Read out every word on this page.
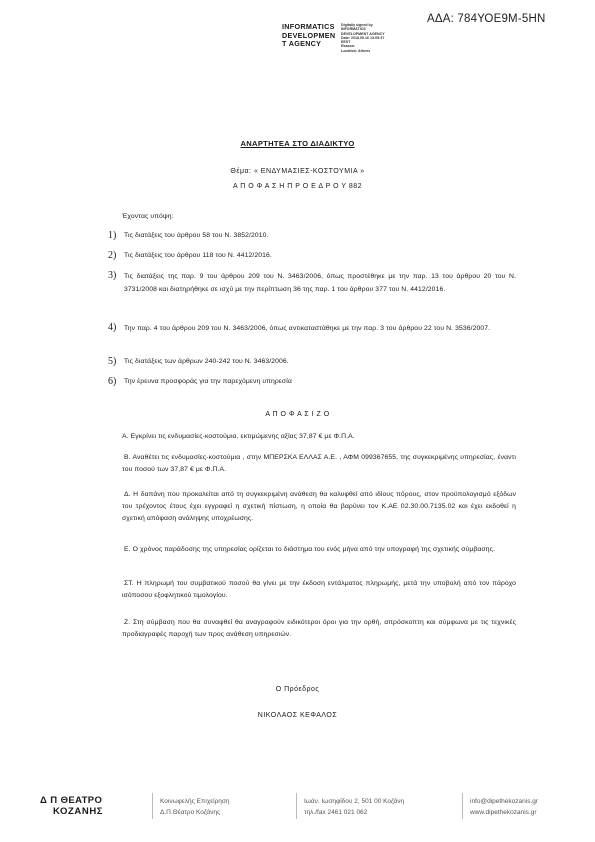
ΑΔΑ: 784ΥΟΕ9Μ-5ΗΝ
INFORMATICS
DEVELOPMEN
T AGENCY
Digitally signed by
INFORMATICS
DEVELOPMENT AGENCY
Date: 2018.05.16 13:05:37
EEST
Reason:
Location: Athens
ΑΝΑΡΤΗΤΕΑ ΣΤΟ ΔΙΑΔΙΚΤΥΟ
Θέμα: « ΕΝΔΥΜΑΣΙΕΣ-ΚΟΣΤΟΥΜΙΑ »
Α Π Ο Φ Α Σ Η Π Ρ Ο Ε Δ Ρ Ο Υ 882
Έχοντας υπόψη:
1) Τις διατάξεις του άρθρου 58 του Ν. 3852/2010.
2) Τις διατάξεις του άρθρου 118 του Ν. 4412/2016.
3) Τις διατάξεις της παρ. 9 του άρθρου 209 του Ν. 3463/2006, όπως προστέθηκε με την παρ. 13 του άρθρου 20 του Ν. 3731/2008 και διατηρήθηκε σε ισχύ με την περίπτωση 36 της παρ. 1 του άρθρου 377 του Ν. 4412/2016.
4) Την παρ. 4 του άρθρου 209 του Ν. 3463/2006, όπως αντικαταστάθηκε με την παρ. 3 του άρθρου 22 του Ν. 3536/2007.
5) Τις διατάξεις των άρθρων 240-242 του Ν. 3463/2006.
6) Την έρευνα προσφοράς για την παρεχόμενη υπηρεσία
Α Π Ο Φ Α Σ Ι Ζ Ο
Α. Εγκρίνει τις ενδυμασίες-κοστούμια, εκτιμώμενης αξίας 37,87 € με Φ.Π.Α.
Β. Αναθέτει τις ενδυμασίες-κοστούμια , στην ΜΠΕΡΣΚΑ ΕΛΛΑΣ Α.Ε. , ΑΦΜ 099367655, της συγκεκριμένης υπηρεσίας, έναντι του ποσού των 37,87 € με Φ.Π.Α.
Δ. Η δαπάνη που προκαλείται από τη συγκεκριμένη ανάθεση θα καλυφθεί από ιδίους πόρους, στον προϋπολογισμό εξόδων του τρέχοντος έτους έχει εγγραφεί η σχετική πίστωση, η οποία θα βαρύνει τον Κ.ΑΕ 02.30.00.7135.02 και έχει εκδοθεί η σχετική απόφαση ανάληψης υποχρέωσης.
Ε. Ο χρόνος παράδοσης της υπηρεσίας ορίζεται το διάστημα του ενός μήνα από την υπογραφή της σχετικής σύμβασης.
ΣΤ. Η πληρωμή του συμβατικού ποσού θα γίνει με την έκδοση εντάλματος πληρωμής, μετά την υποβολή από τον πάροχο ισόποσου εξοφλητικού τιμολογίου.
Ζ. Στη σύμβαση που θα συναφθεί θα αναγραφούν ειδικότεροι όροι για την ορθή, απρόσκοπτη και σύμφωνα με τις τεχνικές προδιαγραφές παροχή των προς ανάθεση υπηρεσιών.
Ο Πρόεδρος
ΝΙΚΟΛΑΟΣ ΚΕΦΑΛΟΣ
Δ Π ΘΕΑΤΡΟ
ΚΟΖΑΝΗΣ
Κοινωφελής Επιχείρηση
Δ.Π.Θέατρο Κοζάνης
Ιωάν. Ιωσηφίδου 2, 501 00 Κοζάνη
τηλ./fax 2461 021 062
info@dipethekozanis.gr
www.dipethekozanis.gr
